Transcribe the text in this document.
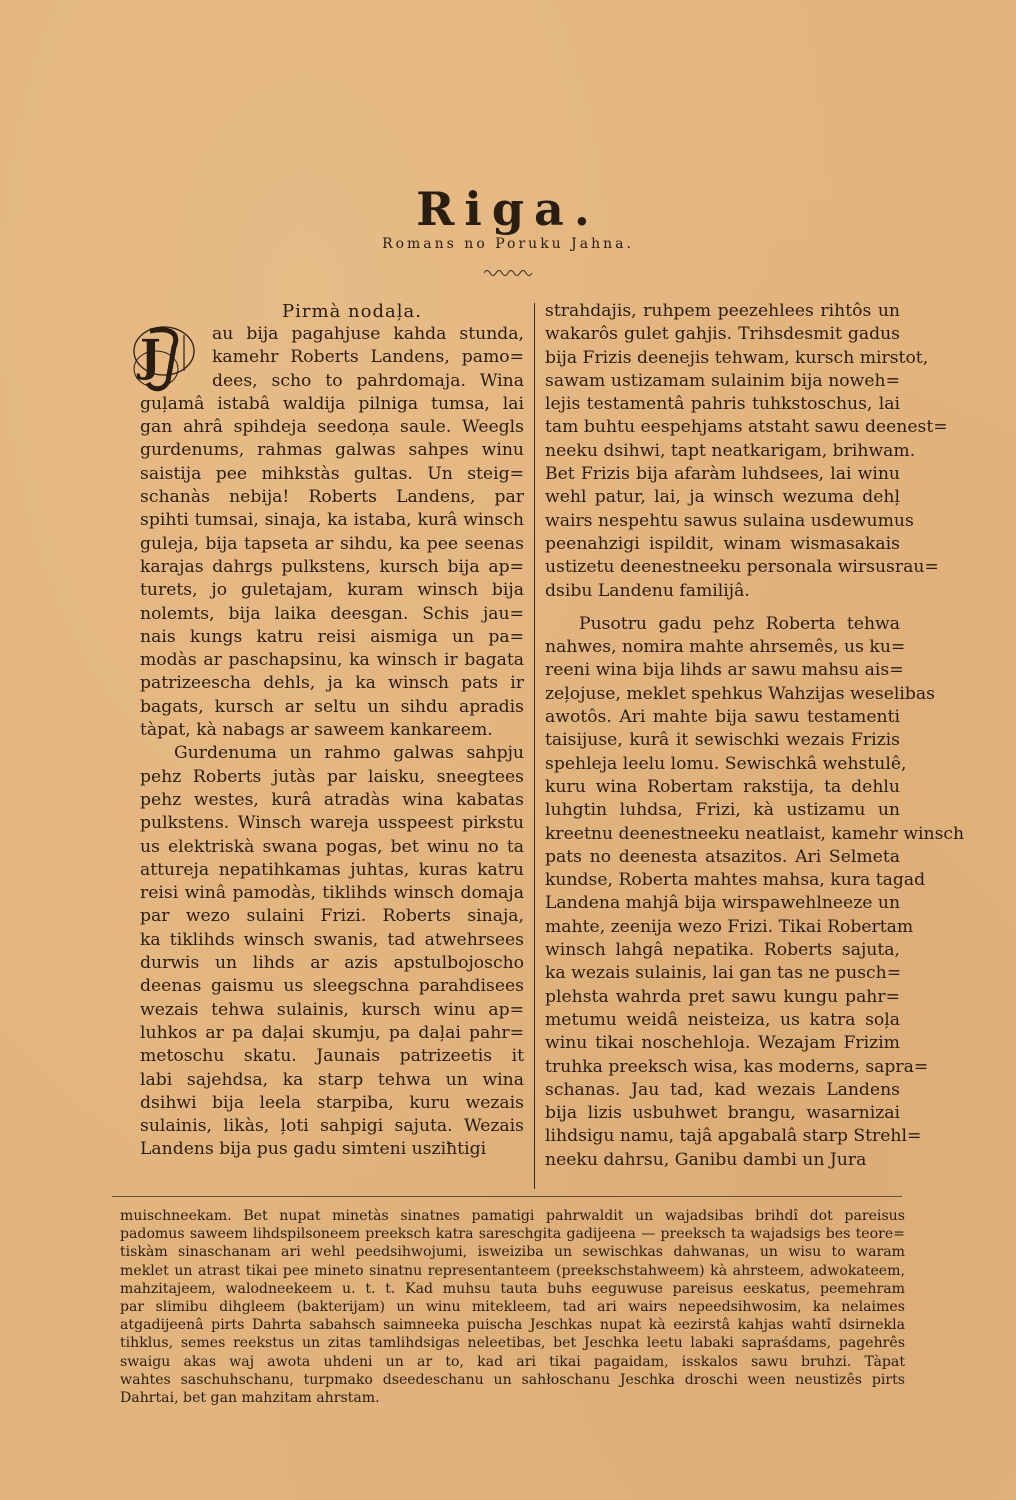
Riga.
Romans no Poruku Jahna.
Pirmà nodaļa.
J	au bija pagahjuse kahda stunda,
kamehr Roberts Landens, pamo=
dees, scho to pahrdomaja. Wina
guļamâ istabâ waldija pilniga tumsa, lai
gan ahrâ spihdeja seedoņa saule. Weegls
gurdenums, rahmas galwas sahpes winu
saistija pee mihkstàs gultas. Un steig=
schanàs nebija! Roberts Landens, par
spihti tumsai, sinaja, ka istaba, kurâ winsch
guleja, bija tapseta ar sihdu, ka pee seenas
karajas dahrgs pulkstens, kursch bija ap=
turets, jo guletajam, kuram winsch bija
nolemts, bija laika deesgan. Schis jau=
nais kungs katru reisi aismiga un pa=
modàs ar paschapsinu, ka winsch ir bagata
patrizeescha dehls, ja ka winsch pats ir
bagats, kursch ar seltu un sihdu apradis
tàpat, kà nabags ar saweem kankareem.
Gurdenuma un rahmo galwas sahpju
pehz Roberts jutàs par laisku, sneegtees
pehz westes, kurâ atradàs wina kabatas
pulkstens. Winsch wareja usspeest pirkstu
us elektriskà swana pogas, bet winu no ta
attureja nepatihkamas juhtas, kuras katru
reisi winâ pamodàs, tiklihds winsch domaja
par wezo sulaini Frizi. Roberts sinaja,
ka tiklihds winsch swanis, tad atwehrsees
durwis un lihds ar azis apstulbojoscho
deenas gaismu us sleegschna parahdisees
wezais tehwa sulainis, kursch winu ap=
luhkos ar pa daļai skumju, pa daļai pahr=
metoschu skatu. Jaunais patrizeetis it
labi sajehdsa, ka starp tehwa un wina
dsihwi bija leela starpiba, kuru wezais
sulainis, likàs, ļoti sahpigi sajuta. Wezais
Landens bija pus gadu simteni usziħtigi
strahdajis, ruhpem peezehlees rihtôs un
wakarôs gulet gahjis. Trihsdesmit gadus
bija Frizis deenejis tehwam, kursch mirstot,
sawam ustizamam sulainim bija noweh=
lejis testamentâ pahris tuhkstoschus, lai
tam buhtu eespehjams atstaht sawu deenest=
neeku dsihwi, tapt neatkarigam, brihwam.
Bet Frizis bija afaràm luhdsees, lai winu
wehl patur, lai, ja winsch wezuma dehļ
wairs nespehtu sawus sulaina usdewumus
peenahzigi ispildit, winam wismasakais
ustizetu deenestneeku personala wirsusrau=
dsibu Landenu familijâ.
Pusotru gadu pehz Roberta tehwa
nahwes, nomira mahte ahrsemês, us ku=
reeni wina bija lihds ar sawu mahsu ais=
zeļojuse, meklet spehkus Wahzijas weselibas
awotôs. Ari mahte bija sawu testamenti
taisijuse, kurâ it sewischki wezais Frizis
spehleja leelu lomu. Sewischkâ wehstulê,
kuru wina Robertam rakstija, ta dehlu
luhgtin luhdsa, Frizi, kà ustizamu un
kreetnu deenestneeku neatlaist, kamehr winsch
pats no deenesta atsazitos. Ari Selmeta
kundse, Roberta mahtes mahsa, kura tagad
Landena mahjâ bija wirspawehlneeze un
mahte, zeenija wezo Frizi. Tikai Robertam
winsch lahgâ nepatika. Roberts sajuta,
ka wezais sulainis, lai gan tas ne pusch=
plehsta wahrda pret sawu kungu pahr=
metumu weidâ neisteiza, us katra soļa
winu tikai noschehloja. Wezajam Frizim
truhka preeksch wisa, kas moderns, sapra=
schanas. Jau tad, kad wezais Landens
bija lizis usbuhwet brangu, wasarnizai
lihdsigu namu, tajâ apgabalâ starp Strehl=
neeku dahrsu, Ganibu dambi un Jura
muischneekam. Bet nupat minetàs sinatnes pamatigi pahrwaldit un wajadsibas brihdî dot pareisus
padomus saweem lihdspilsoneem preeksch katra sareschgita gadijeena — preeksch ta wajadsigs bes teore=
tiskàm sinaschanam ari wehl peedsihwojumi, isweiziba un sewischkas dahwanas, un wisu to waram
meklet un atrast tikai pee mineto sinatnu representanteem (preekschstahweem) kà ahrsteem, adwokateem,
mahzitajeem, walodneekeem u. t. t. Kad muhsu tauta buhs eeguwuse pareisus eeskatus, peemehram
par slimibu dihgleem (bakterijam) un winu mitekleem, tad ari wairs nepeedsihwosim, ka nelaimes
atgadijeenâ pirts Dahrta sabahsch saimneeka puischa Jeschkas nupat kà eezirstâ kahjas wahtî dsirnekla
tihklus, semes reekstus un zitas tamlihdsigas neleetibas, bet Jeschka leetu labaki sapraśdams, pagehrês
swaigu akas waj awota uhdeni un ar to, kad ari tikai pagaidam, isskalos sawu bruhzi. Tàpat
wahtes saschuhschanu, turpmako dseedeschanu un sahłoschanu Jeschka droschi ween neustizês pirts
Dahrtai, bet gan mahzitam ahrstam.
